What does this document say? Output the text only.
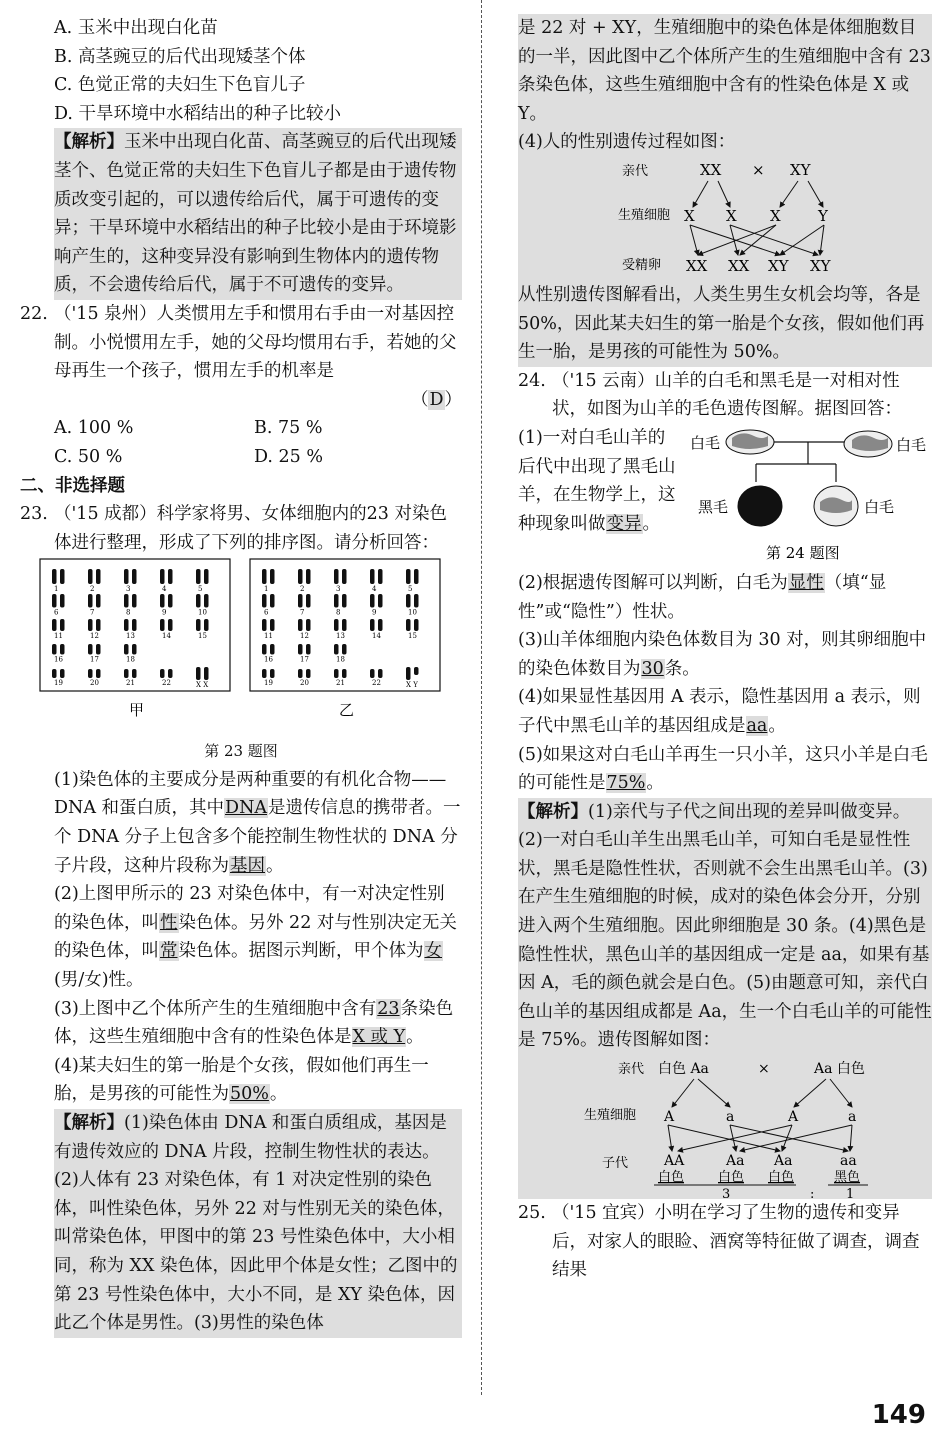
A. 玉米中出现白化苗

B. 高茎豌豆的后代出现矮茎个体

C. 色觉正常的夫妇生下色盲儿子

D. 干旱环境中水稻结出的种子比较小

【解析】玉米中出现白化苗、高茎豌豆的后代出现矮茎个、色觉正常的夫妇生下色盲儿子都是由于遗传物质改变引起的，可以遗传给后代，属于可遗传的变异；干旱环境中水稻结出的种子比较小是由于环境影响产生的，这种变异没有影响到生物体内的遗传物质，不会遗传给后代，属于不可遗传的变异。

22. （'15 泉州）人类惯用左手和惯用右手由一对基因控制。小悦惯用左手，她的父母均惯用右手，若她的父母再生一个孩子，惯用左手的机率是

（D）

A. 100 %	B. 75 %
C. 50 %	D. 25 %

二、非选择题

23. （'15 成都）科学家将男、女体细胞内的23 对染色体进行整理，形成了下列的排序图。请分析回答：

1	2	3	4	5
6	7	8	9	10
11	12	13	14	15
16	17	18
19	20	21	22	X X
甲
1	2	3	4	5
6	7	8	9	10
11	12	13	14	15
16	17	18
19	20	21	22	X Y
乙

第 23 题图

(1)染色体的主要成分是两种重要的有机化合物——DNA 和蛋白质，其中DNA是遗传信息的携带者。一个 DNA 分子上包含多个能控制生物性状的 DNA 分子片段，这种片段称为基因。

(2)上图甲所示的 23 对染色体中，有一对决定性别的染色体，叫性染色体。另外 22 对与性别决定无关的染色体，叫常染色体。据图示判断，甲个体为女(男/女)性。

(3)上图中乙个体所产生的生殖细胞中含有23条染色体，这些生殖细胞中含有的性染色体是X 或 Y。

(4)某夫妇生的第一胎是个女孩，假如他们再生一胎，是男孩的可能性为50%。

【解析】(1)染色体由 DNA 和蛋白质组成，基因是有遗传效应的 DNA 片段，控制生物性状的表达。(2)人体有 23 对染色体，有 1 对决定性别的染色体，叫性染色体，另外 22 对与性别无关的染色体，叫常染色体，甲图中的第 23 号性染色体中，大小相同，称为 XX 染色体，因此甲个体是女性；乙图中的第 23 号性染色体中，大小不同，是 XY 染色体，因此乙个体是男性。(3)男性的染色体

是 22 对 + XY，生殖细胞中的染色体是体细胞数目的一半，因此图中乙个体所产生的生殖细胞中含有 23 条染色体，这些生殖细胞中含有的性染色体是 X 或 Y。

(4)人的性别遗传过程如图：

亲代
生殖细胞
受精卵
XX × XY
X X X Y
XX XX XY XY

从性别遗传图解看出，人类生男生女机会均等，各是 50%，因此某夫妇生的第一胎是个女孩，假如他们再生一胎，是男孩的可能性为 50%。

24. （'15 云南）山羊的白毛和黑毛是一对相对性状，如图为山羊的毛色遗传图解。据图回答：

(1)一对白毛山羊的后代中出现了黑毛山羊，在生物学上，这种现象叫做变异。

白毛	白毛
黑毛	白毛
第 24 题图

(2)根据遗传图解可以判断，白毛为显性（填“显性”或“隐性”）性状。

(3)山羊体细胞内染色体数目为 30 对，则其卵细胞中的染色体数目为30条。

(4)如果显性基因用 A 表示，隐性基因用 a 表示，则子代中黑毛山羊的基因组成是aa。

(5)如果这对白毛山羊再生一只小羊，这只小羊是白毛的可能性是75%。

【解析】(1)亲代与子代之间出现的差异叫做变异。(2)一对白毛山羊生出黑毛山羊，可知白毛是显性性状，黑毛是隐性性状，否则就不会生出黑毛山羊。(3)在产生生殖细胞的时候，成对的染色体会分开，分别进入两个生殖细胞。因此卵细胞是 30 条。(4)黑色是隐性性状，黑色山羊的基因组成一定是 aa，如果有基因 A，毛的颜色就会是白色。(5)由题意可知，亲代白色山羊的基因组成都是 Aa，生一个白毛山羊的可能性是 75%。遗传图解如图：

亲代
生殖细胞
子代
白色 Aa	×	Aa 白色
A	a	A	a
AA	Aa Aa	aa
白色	白色 白色	黑色
3	: 1

25. （'15 宜宾）小明在学习了生物的遗传和变异后，对家人的眼睑、酒窝等特征做了调查，调查结果

149
